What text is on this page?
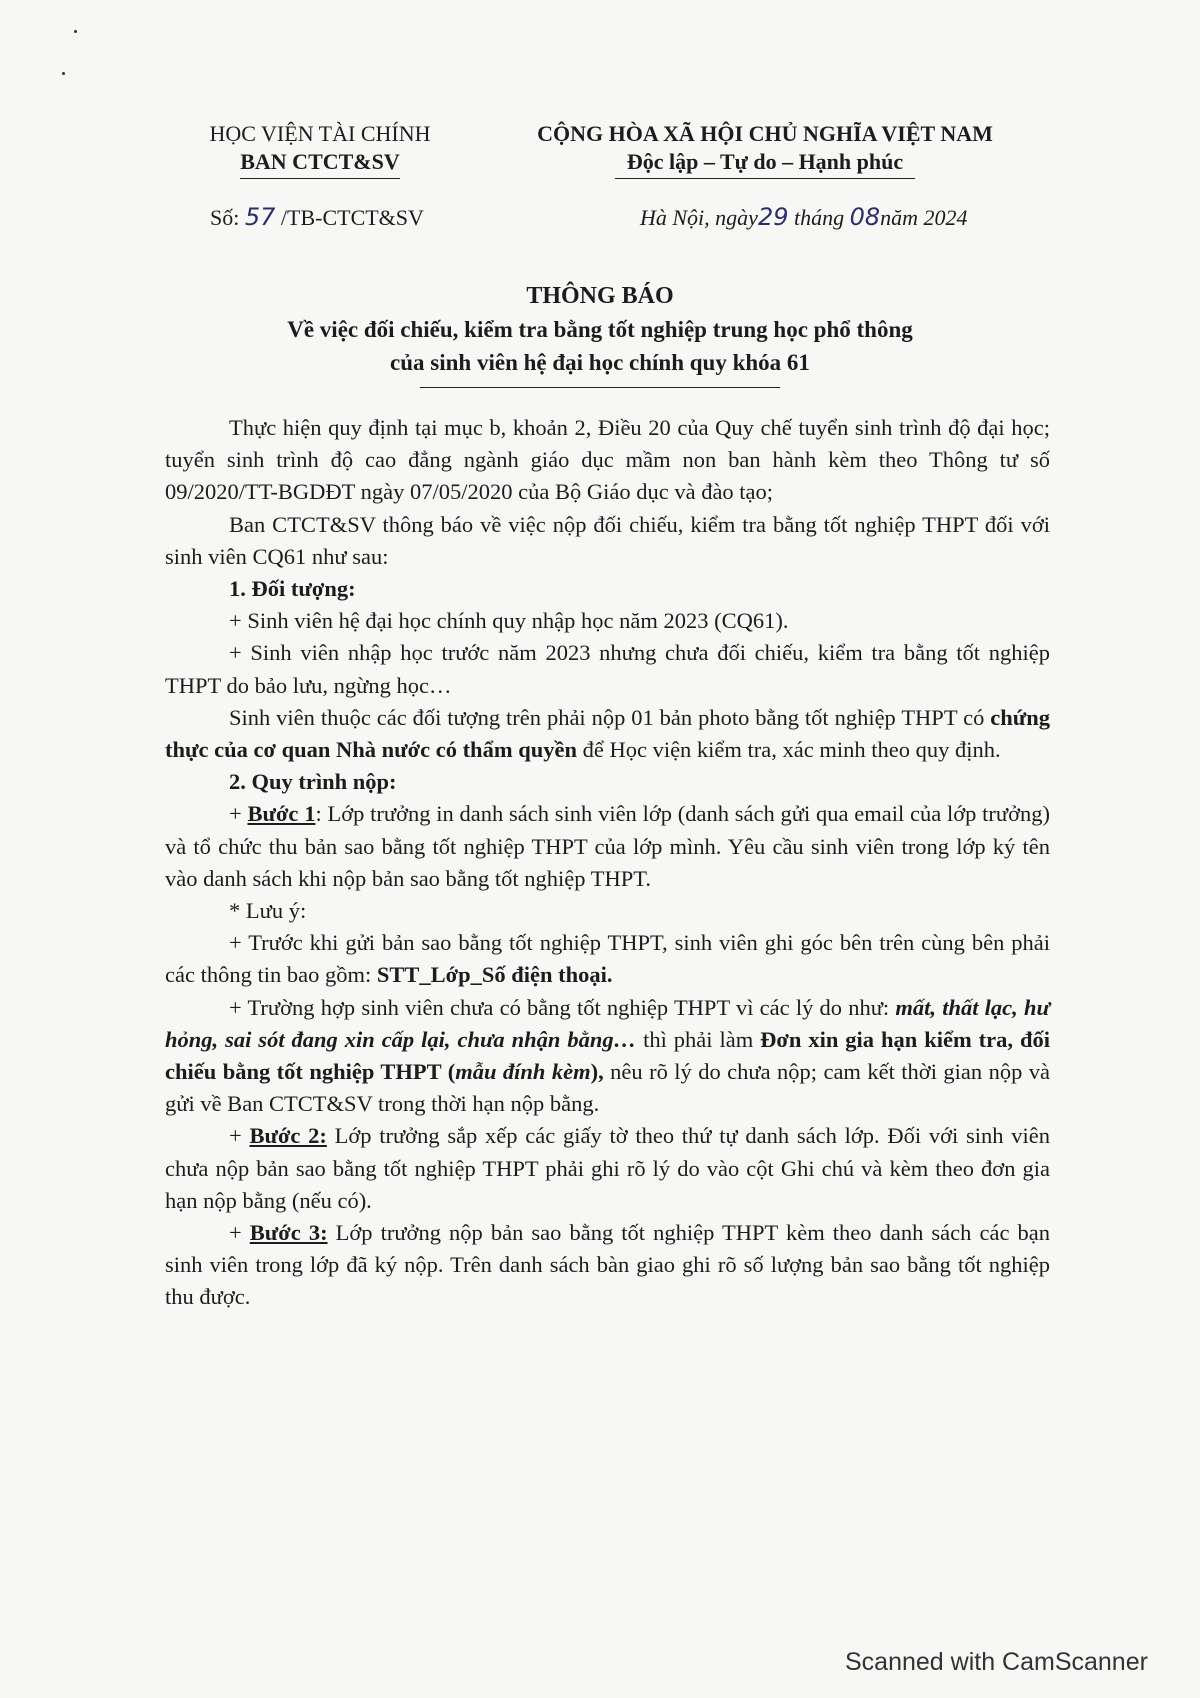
HỌC VIỆN TÀI CHÍNH
BAN CTCT&SV
CỘNG HÒA XÃ HỘI CHỦ NGHĨA VIỆT NAM
Độc lập – Tự do – Hạnh phúc
Số: 57 /TB-CTCT&SV	Hà Nội, ngày29 tháng 08năm 2024
THÔNG BÁO
Về việc đối chiếu, kiểm tra bằng tốt nghiệp trung học phổ thông
của sinh viên hệ đại học chính quy khóa 61

Thực hiện quy định tại mục b, khoản 2, Điều 20 của Quy chế tuyển sinh trình độ đại học; tuyển sinh trình độ cao đẳng ngành giáo dục mầm non ban hành kèm theo Thông tư số 09/2020/TT-BGDĐT ngày 07/05/2020 của Bộ Giáo dục và đào tạo;

Ban CTCT&SV thông báo về việc nộp đối chiếu, kiểm tra bằng tốt nghiệp THPT đối với sinh viên CQ61 như sau:

1. Đối tượng:

+ Sinh viên hệ đại học chính quy nhập học năm 2023 (CQ61).

+ Sinh viên nhập học trước năm 2023 nhưng chưa đối chiếu, kiểm tra bằng tốt nghiệp THPT do bảo lưu, ngừng học…

Sinh viên thuộc các đối tượng trên phải nộp 01 bản photo bằng tốt nghiệp THPT có chứng thực của cơ quan Nhà nước có thẩm quyền để Học viện kiểm tra, xác minh theo quy định.

2. Quy trình nộp:

+ Bước 1: Lớp trưởng in danh sách sinh viên lớp (danh sách gửi qua email của lớp trưởng) và tổ chức thu bản sao bằng tốt nghiệp THPT của lớp mình. Yêu cầu sinh viên trong lớp ký tên vào danh sách khi nộp bản sao bằng tốt nghiệp THPT.

* Lưu ý:

+ Trước khi gửi bản sao bằng tốt nghiệp THPT, sinh viên ghi góc bên trên cùng bên phải các thông tin bao gồm: STT_Lớp_Số điện thoại.

+ Trường hợp sinh viên chưa có bằng tốt nghiệp THPT vì các lý do như: mất, thất lạc, hư hỏng, sai sót đang xin cấp lại, chưa nhận bằng… thì phải làm Đơn xin gia hạn kiểm tra, đối chiếu bằng tốt nghiệp THPT (mẫu đính kèm), nêu rõ lý do chưa nộp; cam kết thời gian nộp và gửi về Ban CTCT&SV trong thời hạn nộp bằng.

+ Bước 2: Lớp trưởng sắp xếp các giấy tờ theo thứ tự danh sách lớp. Đối với sinh viên chưa nộp bản sao bằng tốt nghiệp THPT phải ghi rõ lý do vào cột Ghi chú và kèm theo đơn gia hạn nộp bằng (nếu có).

+ Bước 3: Lớp trưởng nộp bản sao bằng tốt nghiệp THPT kèm theo danh sách các bạn sinh viên trong lớp đã ký nộp. Trên danh sách bàn giao ghi rõ số lượng bản sao bằng tốt nghiệp thu được.

Scanned with CamScanner
